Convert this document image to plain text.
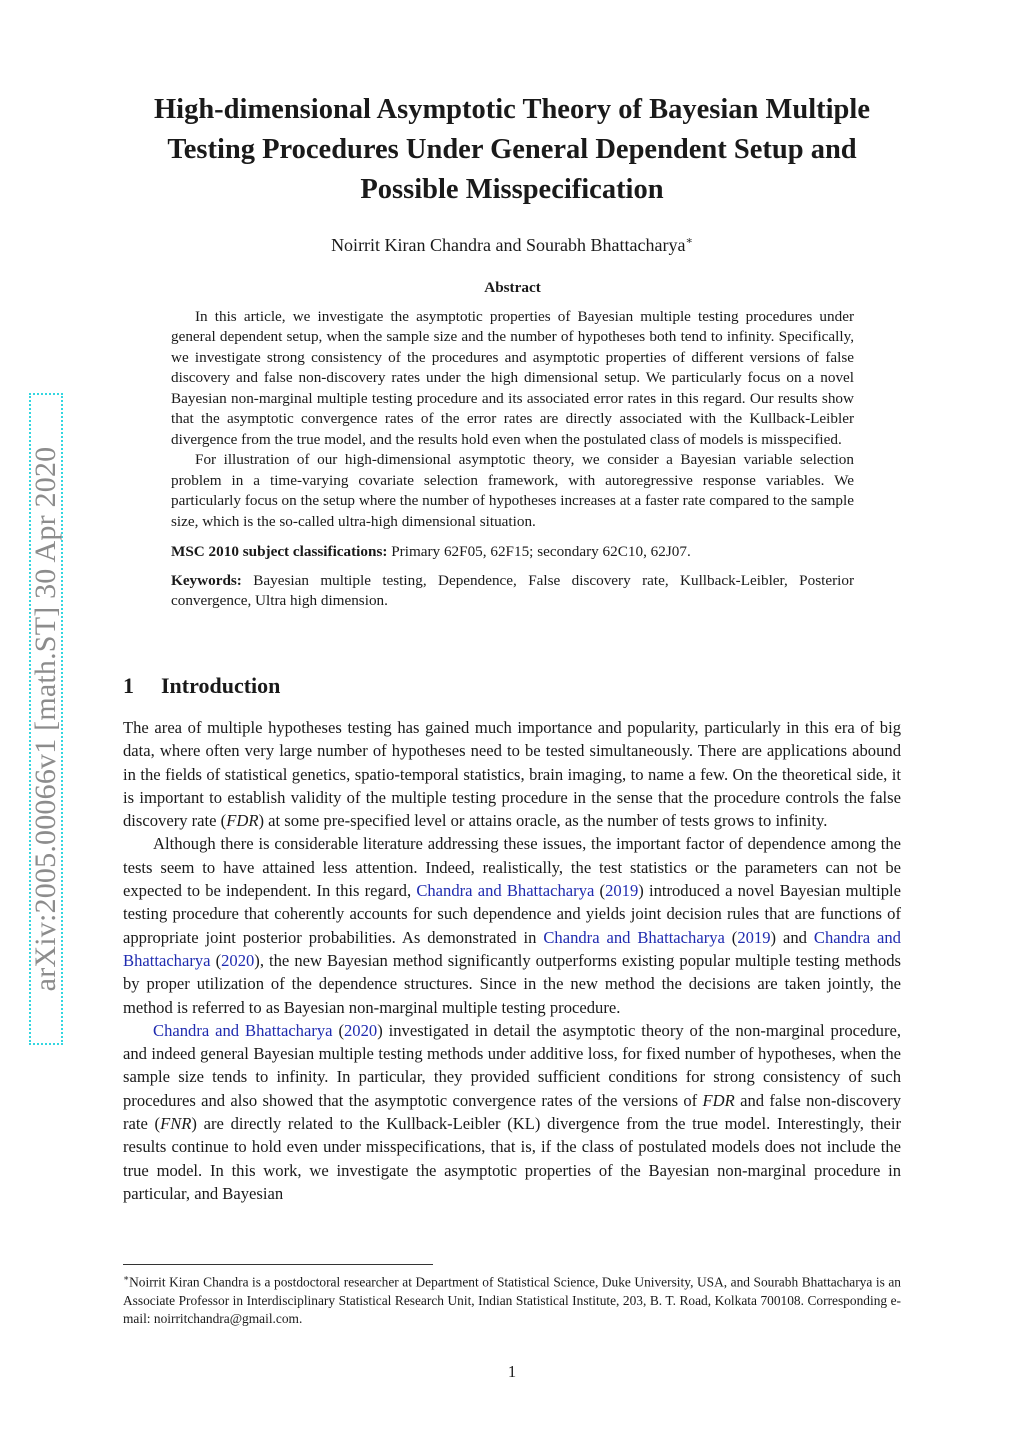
arXiv:2005.00066v1 [math.ST] 30 Apr 2020
High-dimensional Asymptotic Theory of Bayesian Multiple Testing Procedures Under General Dependent Setup and Possible Misspecification
Noirrit Kiran Chandra and Sourabh Bhattacharya∗
Abstract

In this article, we investigate the asymptotic properties of Bayesian multiple testing procedures under general dependent setup, when the sample size and the number of hypotheses both tend to infinity. Specifically, we investigate strong consistency of the procedures and asymptotic properties of different versions of false discovery and false non-discovery rates under the high dimensional setup. We particularly focus on a novel Bayesian non-marginal multiple testing procedure and its associated error rates in this regard. Our results show that the asymptotic convergence rates of the error rates are directly associated with the Kullback-Leibler divergence from the true model, and the results hold even when the postulated class of models is misspecified.

For illustration of our high-dimensional asymptotic theory, we consider a Bayesian variable selection problem in a time-varying covariate selection framework, with autoregressive response variables. We particularly focus on the setup where the number of hypotheses increases at a faster rate compared to the sample size, which is the so-called ultra-high dimensional situation.

MSC 2010 subject classifications: Primary 62F05, 62F15; secondary 62C10, 62J07.

Keywords: Bayesian multiple testing, Dependence, False discovery rate, Kullback-Leibler, Posterior convergence, Ultra high dimension.

1 Introduction

The area of multiple hypotheses testing has gained much importance and popularity, particularly in this era of big data, where often very large number of hypotheses need to be tested simultaneously. There are applications abound in the fields of statistical genetics, spatio-temporal statistics, brain imaging, to name a few. On the theoretical side, it is important to establish validity of the multiple testing procedure in the sense that the procedure controls the false discovery rate (FDR) at some pre-specified level or attains oracle, as the number of tests grows to infinity.

Although there is considerable literature addressing these issues, the important factor of dependence among the tests seem to have attained less attention. Indeed, realistically, the test statistics or the parameters can not be expected to be independent. In this regard, Chandra and Bhattacharya (2019) introduced a novel Bayesian multiple testing procedure that coherently accounts for such dependence and yields joint decision rules that are functions of appropriate joint posterior probabilities. As demonstrated in Chandra and Bhattacharya (2019) and Chandra and Bhattacharya (2020), the new Bayesian method significantly outperforms existing popular multiple testing methods by proper utilization of the dependence structures. Since in the new method the decisions are taken jointly, the method is referred to as Bayesian non-marginal multiple testing procedure.

Chandra and Bhattacharya (2020) investigated in detail the asymptotic theory of the non-marginal procedure, and indeed general Bayesian multiple testing methods under additive loss, for fixed number of hypotheses, when the sample size tends to infinity. In particular, they provided sufficient conditions for strong consistency of such procedures and also showed that the asymptotic convergence rates of the versions of FDR and false non-discovery rate (FNR) are directly related to the Kullback-Leibler (KL) divergence from the true model. Interestingly, their results continue to hold even under misspecifications, that is, if the class of postulated models does not include the true model. In this work, we investigate the asymptotic properties of the Bayesian non-marginal procedure in particular, and Bayesian

∗Noirrit Kiran Chandra is a postdoctoral researcher at Department of Statistical Science, Duke University, USA, and Sourabh Bhattacharya is an Associate Professor in Interdisciplinary Statistical Research Unit, Indian Statistical Institute, 203, B. T. Road, Kolkata 700108. Corresponding e-mail: noirritchandra@gmail.com.

1
